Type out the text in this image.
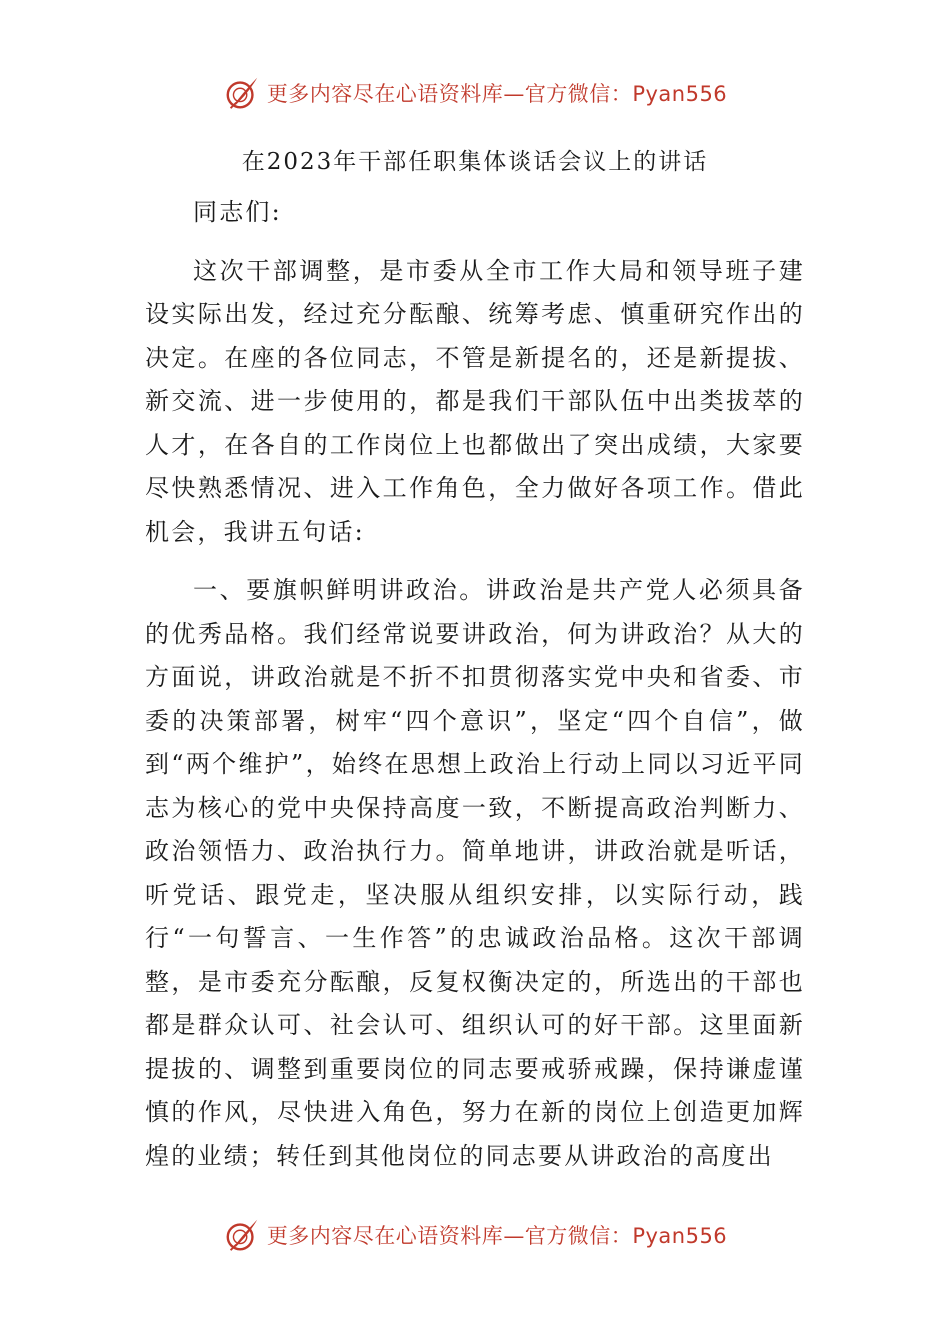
更多内容尽在心语资料库—官方微信：Pyan556
在2023年干部任职集体谈话会议上的讲话

同志们:

这次干部调整，是市委从全市工作大局和领导班子建设实际出发，经过充分酝酿、统筹考虑、慎重研究作出的决定。在座的各位同志，不管是新提名的，还是新提拔、新交流、进一步使用的，都是我们干部队伍中出类拔萃的人才，在各自的工作岗位上也都做出了突出成绩，大家要尽快熟悉情况、进入工作角色，全力做好各项工作。借此机会，我讲五句话:

一、要旗帜鲜明讲政治。讲政治是共产党人必须具备的优秀品格。我们经常说要讲政治，何为讲政治？从大的方面说，讲政治就是不折不扣贯彻落实党中央和省委、市委的决策部署，树牢“四个意识”，坚定“四个自信”，做到“两个维护”，始终在思想上政治上行动上同以习近平同志为核心的党中央保持高度一致，不断提高政治判断力、政治领悟力、政治执行力。简单地讲，讲政治就是听话，听党话、跟党走，坚决服从组织安排，以实际行动，践行“一句誓言、一生作答”的忠诚政治品格。这次干部调整，是市委充分酝酿，反复权衡决定的，所选出的干部也都是群众认可、社会认可、组织认可的好干部。这里面新提拔的、调整到重要岗位的同志要戒骄戒躁，保持谦虚谨慎的作风，尽快进入角色，努力在新的岗位上创造更加辉煌的业绩；转任到其他岗位的同志要从讲政治的高度出

更多内容尽在心语资料库—官方微信：Pyan556
